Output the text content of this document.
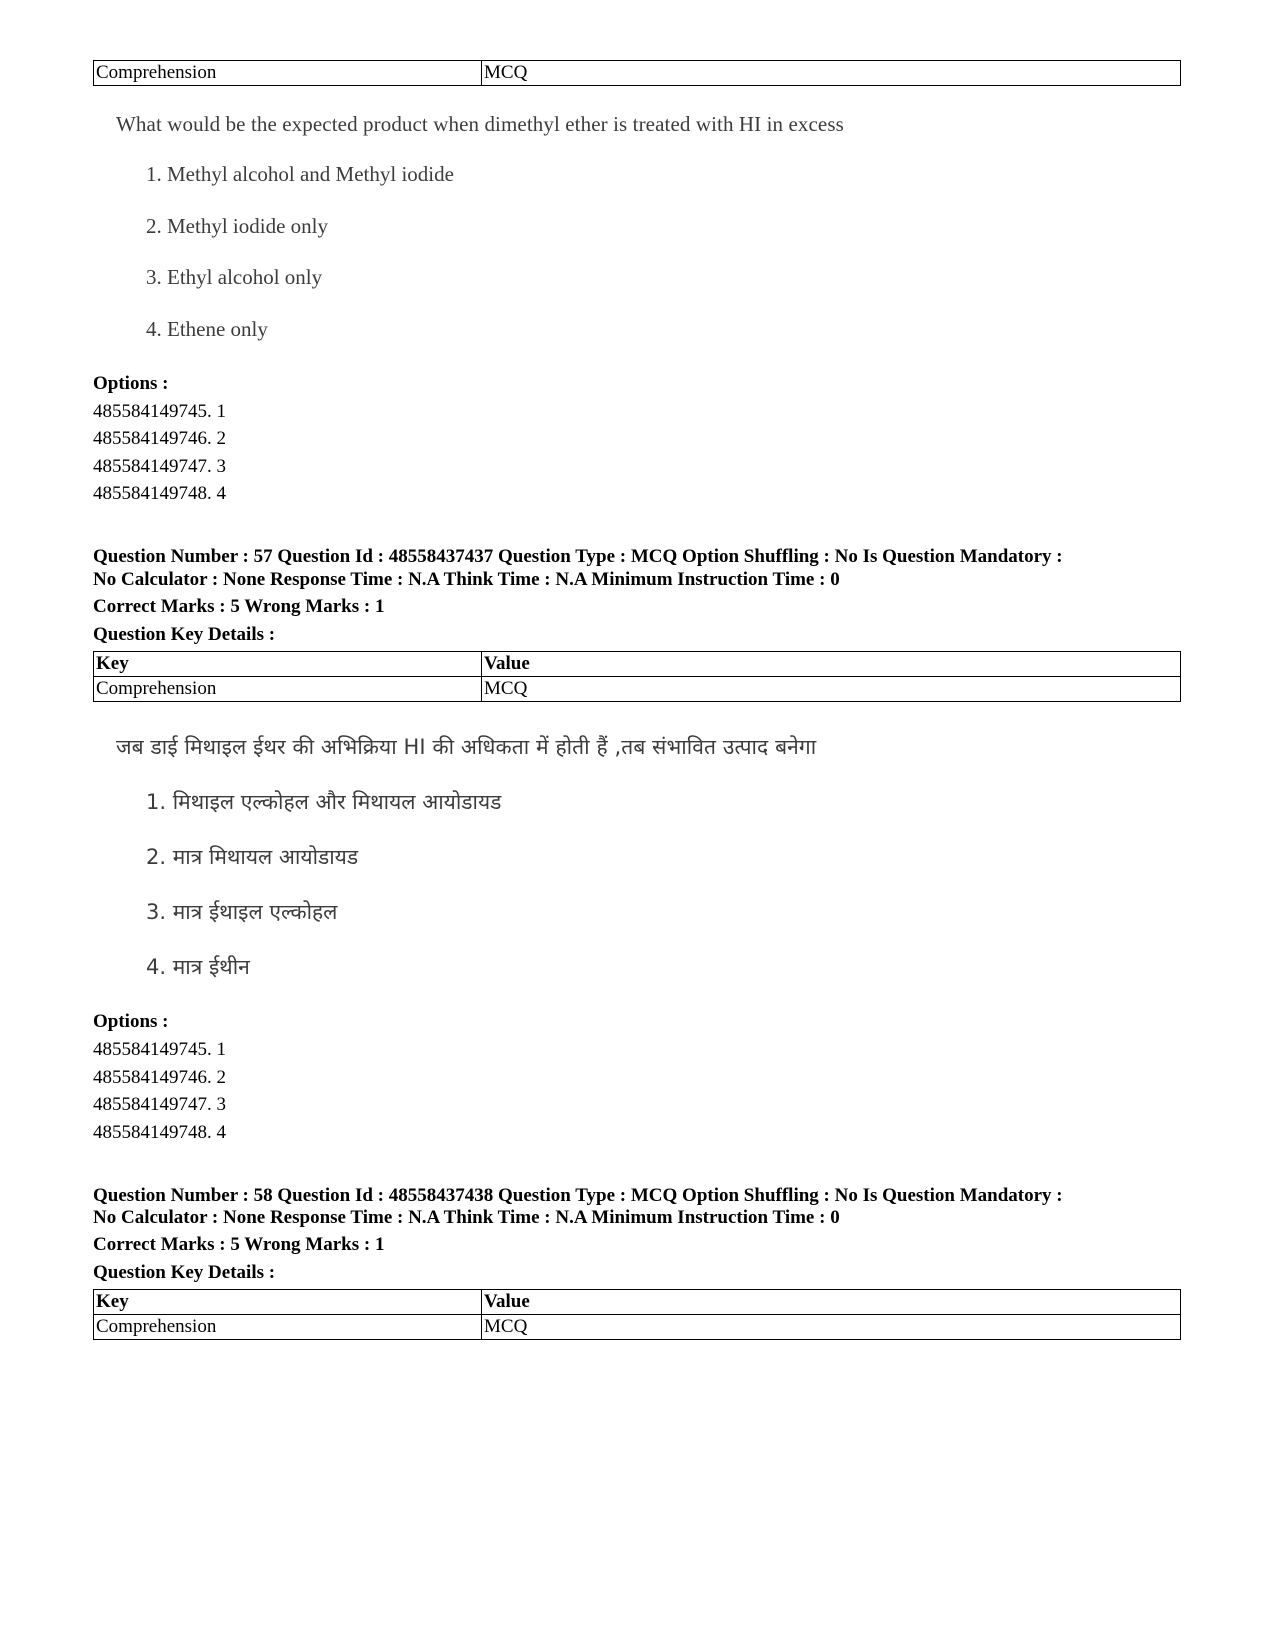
Comprehension	MCQ
What would be the expected product when dimethyl ether is treated with HI in excess
1. Methyl alcohol and Methyl iodide
2. Methyl iodide only
3. Ethyl alcohol only
4. Ethene only
Options :
485584149745. 1
485584149746. 2
485584149747. 3
485584149748. 4
Question Number : 57 Question Id : 48558437437 Question Type : MCQ Option Shuffling : No Is Question Mandatory :
No Calculator : None Response Time : N.A Think Time : N.A Minimum Instruction Time : 0
Correct Marks : 5 Wrong Marks : 1
Question Key Details :
Key	Value
Comprehension	MCQ
जब डाई मिथाइल ईथर की अभिक्रिया HI की अधिकता में होती हैं ,तब संभावित उत्पाद बनेगा
1. मिथाइल एल्कोहल और मिथायल आयोडायड
2. मात्र मिथायल आयोडायड
3. मात्र ईथाइल एल्कोहल
4. मात्र ईथीन
Options :
485584149745. 1
485584149746. 2
485584149747. 3
485584149748. 4
Question Number : 58 Question Id : 48558437438 Question Type : MCQ Option Shuffling : No Is Question Mandatory :
No Calculator : None Response Time : N.A Think Time : N.A Minimum Instruction Time : 0
Correct Marks : 5 Wrong Marks : 1
Question Key Details :
Key	Value
Comprehension	MCQ
